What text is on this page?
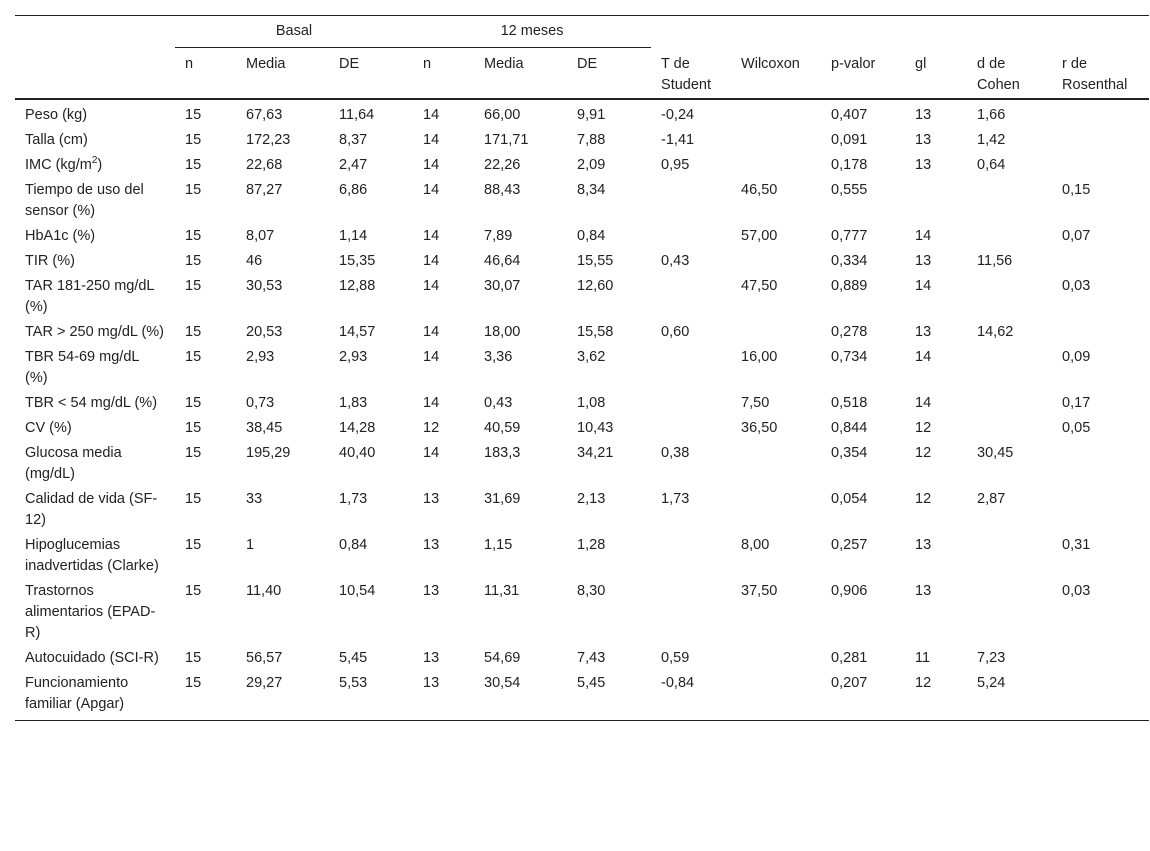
	Basal			12 meses								
	n	Media	DE	n	Media	DE	T de Student	Wilcoxon	p-valor	gl	d de Cohen	r de Rosenthal
Peso (kg)	15	67,63	11,64	14	66,00	9,91	-0,24		0,407	13	1,66	
Talla (cm)	15	172,23	8,37	14	171,71	7,88	-1,41		0,091	13	1,42	
IMC $(kg/m^2)$	15	22,68	2,47	14	22,26	2,09	0,95		0,178	13	0,64	
Tiempo de uso del sensor (%)	15	87,27	6,86	14	88,43	8,34		46,50	0,555			0,15
HbA1c (%)	15	8,07	1,14	14	7,89	0,84		57,00	0,777	14		0,07
TIR (%)	15	46	15,35	14	46,64	15,55	0,43		0,334	13	11,56	
TAR 181-250 mg/dL (%)	15	30,53	12,88	14	30,07	12,60		47,50	0,889	14		0,03
TAR > 250 mg/dL (%)	15	20,53	14,57	14	18,00	15,58	0,60		0,278	13	14,62	
TBR 54-69 mg/dL (%)	15	2,93	2,93	14	3,36	3,62		16,00	0,734	14		0,09
TBR < 54 mg/dL (%)	15	0,73	1,83	14	0,43	1,08		7,50	0,518	14		0,17
CV (%)	15	38,45	14,28	12	40,59	10,43		36,50	0,844	12		0,05
Glucosa media (mg/dL)	15	195,29	40,40	14	183,3	34,21	0,38		0,354	12	30,45	
Calidad de vida (SF-12)	15	33	1,73	13	31,69	2,13	1,73		0,054	12	2,87	
Hipoglucemias inadvertidas (Clarke)	15	1	0,84	13	1,15	1,28		8,00	0,257	13		0,31
Trastornos alimentarios (EPAD-R)	15	11,40	10,54	13	11,31	8,30		37,50	0,906	13		0,03
Autocuidado (SCI-R)	15	56,57	5,45	13	54,69	7,43	0,59		0,281	11	7,23	
Funcionamiento familiar (Apgar)	15	29,27	5,53	13	30,54	5,45	-0,84		0,207	12	5,24	
